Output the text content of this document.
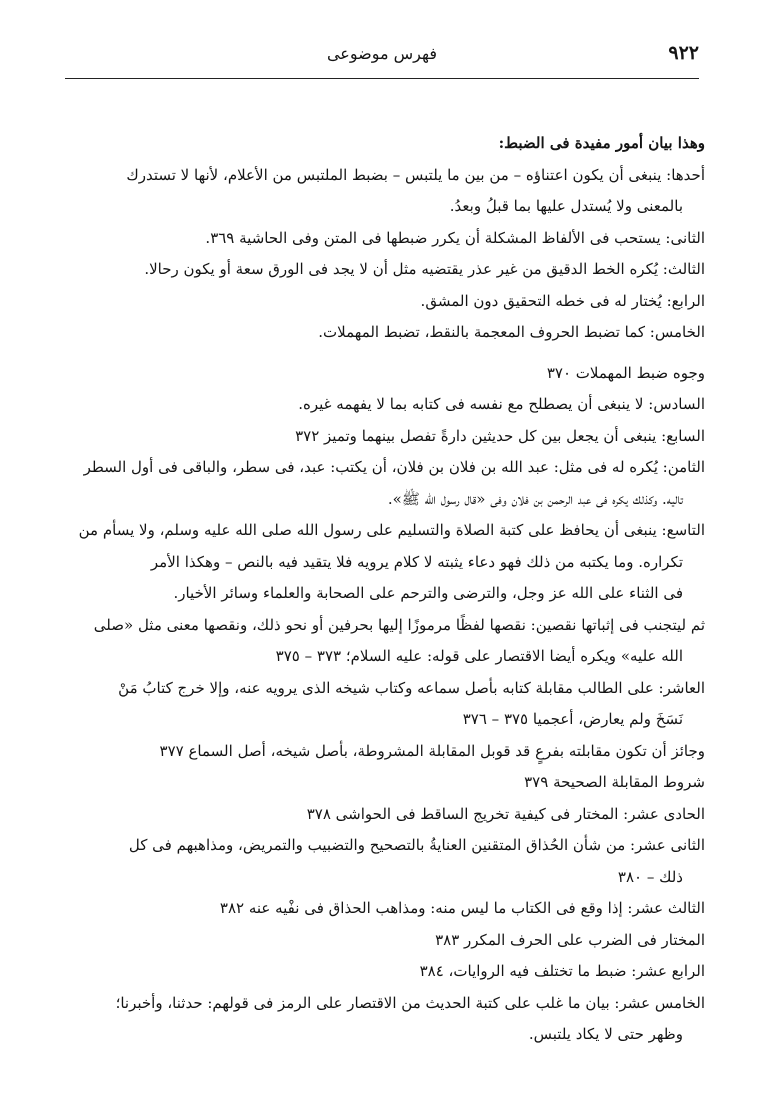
٩٢٢
فهرس موضوعى
وهذا بيان أمور مفيدة فى الضبط:
أحدها: ينبغى أن يكون اعتناؤه – من بين ما يلتبس – بضبط الملتبس من الأعلام، لأنها لا تستدرك
بالمعنى ولا يُستدل عليها بما قبلُ وبعدُ.
الثانى: يستحب فى الألفاظ المشكلة أن يكرر ضبطها فى المتن وفى الحاشية ٣٦٩.
الثالث: يُكره الخط الدقيق من غير عذر يقتضيه مثل أن لا يجد فى الورق سعة أو يكون رحالا.
الرابع: يُختار له فى خطه التحقيق دون المشق.
الخامس: كما تضبط الحروف المعجمة بالنقط، تضبط المهملات.
وجوه ضبط المهملات ٣٧٠
السادس: لا ينبغى أن يصطلح مع نفسه فى كتابه بما لا يفهمه غيره.
السابع: ينبغى أن يجعل بين كل حديثين دارةً تفصل بينهما وتميز ٣٧٢
الثامن: يُكره له فى مثل: عبد الله بن فلان بن فلان، أن يكتب: عبد، فى سطر، والباقى فى أول السطر
تاليه. وكذلك يكره فى عبد الرحمن بن فلان وفى «قال رسول الله ﷺ».
التاسع: ينبغى أن يحافظ على كتبة الصلاة والتسليم على رسول الله صلى الله عليه وسلم، ولا يسأم من
تكراره. وما يكتبه من ذلك فهو دعاء يثبته لا كلام يرويه فلا يتقيد فيه بالنص – وهكذا الأمر
فى الثناء على الله عز وجل، والترضى والترحم على الصحابة والعلماء وسائر الأخيار.
ثم ليتجنب فى إثباتها نقصين: نقصها لفظًا مرموزًا إليها بحرفين أو نحو ذلك، ونقصها معنى مثل «صلى
الله عليه» ويكره أيضا الاقتصار على قوله: عليه السلام؛ ٣٧٣ – ٣٧٥
العاشر: على الطالب مقابلة كتابه بأصل سماعه وكتاب شيخه الذى يرويه عنه، وإلا خرج كتابُ مَنْ
نَسَخَ ولم يعارض، أعجميا ٣٧٥ – ٣٧٦
وجائز أن تكون مقابلته بفرعٍ قد قوبل المقابلة المشروطة، بأصل شيخه، أصل السماع ٣٧٧
شروط المقابلة الصحيحة ٣٧٩
الحادى عشر: المختار فى كيفية تخريج الساقط فى الحواشى ٣٧٨
الثانى عشر: من شأن الحُذاق المتقنين العنايةُ بالتصحيح والتضبيب والتمريض، ومذاهبهم فى كل
ذلك – ٣٨٠
الثالث عشر: إذا وقع فى الكتاب ما ليس منه: ومذاهب الحذاق فى نفْيه عنه ٣٨٢
المختار فى الضرب على الحرف المكرر ٣٨٣
الرابع عشر: ضبط ما تختلف فيه الروايات، ٣٨٤
الخامس عشر: بيان ما غلب على كتبة الحديث من الاقتصار على الرمز فى قولهم: حدثنا، وأخبرنا؛
وظهر حتى لا يكاد يلتبس.
